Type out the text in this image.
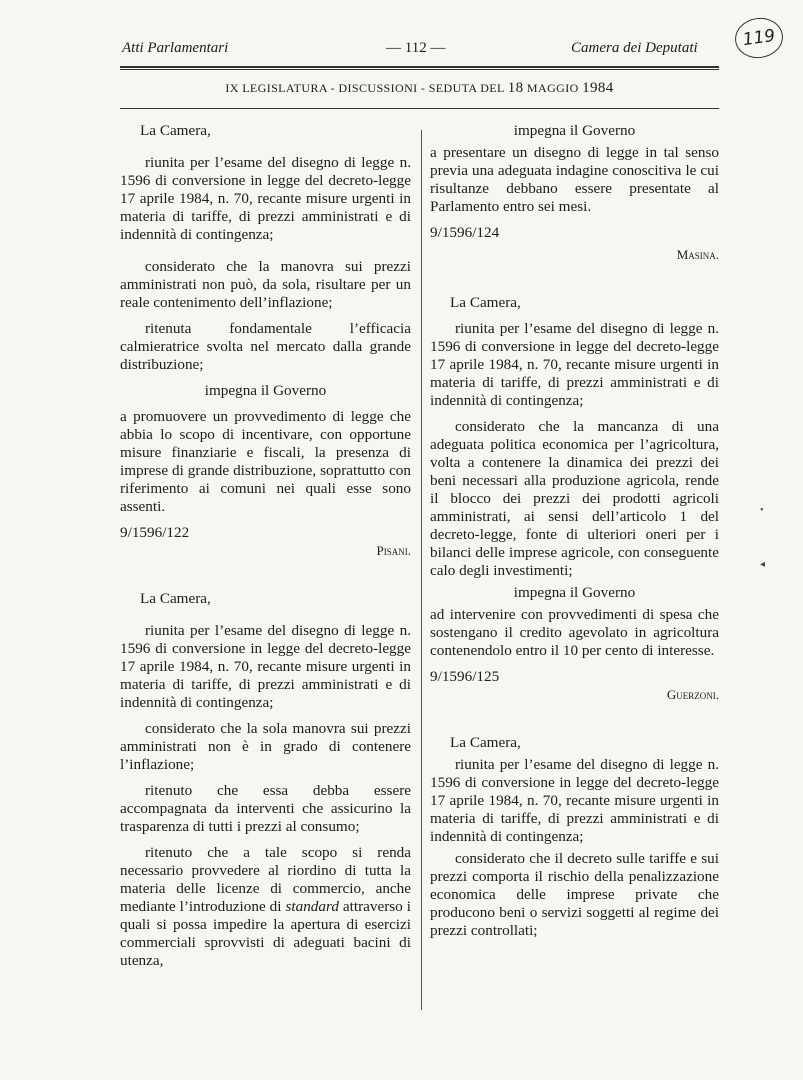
Atti Parlamentari	— 112 —	Camera dei Deputati	119
IX LEGISLATURA - DISCUSSIONI - SEDUTA DEL 18 MAGGIO 1984

La Camera,

riunita per l’esame del disegno di legge n. 1596 di conversione in legge del decreto-legge 17 aprile 1984, n. 70, recante misure urgenti in materia di tariffe, di prezzi amministrati e di indennità di contingenza;

considerato che la manovra sui prezzi amministrati non può, da sola, risultare per un reale contenimento dell’inflazione;

ritenuta fondamentale l’efficacia calmieratrice svolta nel mercato dalla grande distribuzione;

impegna il Governo

a promuovere un provvedimento di legge che abbia lo scopo di incentivare, con opportune misure finanziarie e fiscali, la presenza di imprese di grande distribuzione, soprattutto con riferimento ai comuni nei quali esse sono assenti.

9/1596/122

Pisani.

La Camera,

riunita per l’esame del disegno di legge n. 1596 di conversione in legge del decreto-legge 17 aprile 1984, n. 70, recante misure urgenti in materia di tariffe, di prezzi amministrati e di indennità di contingenza;

considerato che la sola manovra sui prezzi amministrati non è in grado di contenere l’inflazione;

ritenuto che essa debba essere accompagnata da interventi che assicurino la trasparenza di tutti i prezzi al consumo;

ritenuto che a tale scopo si renda necessario provvedere al riordino di tutta la materia delle licenze di commercio, anche mediante l’introduzione di standard attraverso i quali si possa impedire la apertura di esercizi commerciali sprovvisti di adeguati bacini di utenza,

impegna il Governo

a presentare un disegno di legge in tal senso previa una adeguata indagine conoscitiva le cui risultanze debbano essere presentate al Parlamento entro sei mesi.

9/1596/124

Masina.

La Camera,

riunita per l’esame del disegno di legge n. 1596 di conversione in legge del decreto-legge 17 aprile 1984, n. 70, recante misure urgenti in materia di tariffe, di prezzi amministrati e di indennità di contingenza;

considerato che la mancanza di una adeguata politica economica per l’agricoltura, volta a contenere la dinamica dei prezzi dei beni necessari alla produzione agricola, rende il blocco dei prezzi dei prodotti agricoli amministrati, ai sensi dell’articolo 1 del decreto-legge, fonte di ulteriori oneri per i bilanci delle imprese agricole, con conseguente calo degli investimenti;

impegna il Governo

ad intervenire con provvedimenti di spesa che sostengano il credito agevolato in agricoltura contenendolo entro il 10 per cento di interesse.

9/1596/125

Guerzoni.

La Camera,

riunita per l’esame del disegno di legge n. 1596 di conversione in legge del decreto-legge 17 aprile 1984, n. 70, recante misure urgenti in materia di tariffe, di prezzi amministrati e di indennità di contingenza;

considerato che il decreto sulle tariffe e sui prezzi comporta il rischio della penalizzazione economica delle imprese private che producono beni o servizi soggetti al regime dei prezzi controllati;

•
◂
